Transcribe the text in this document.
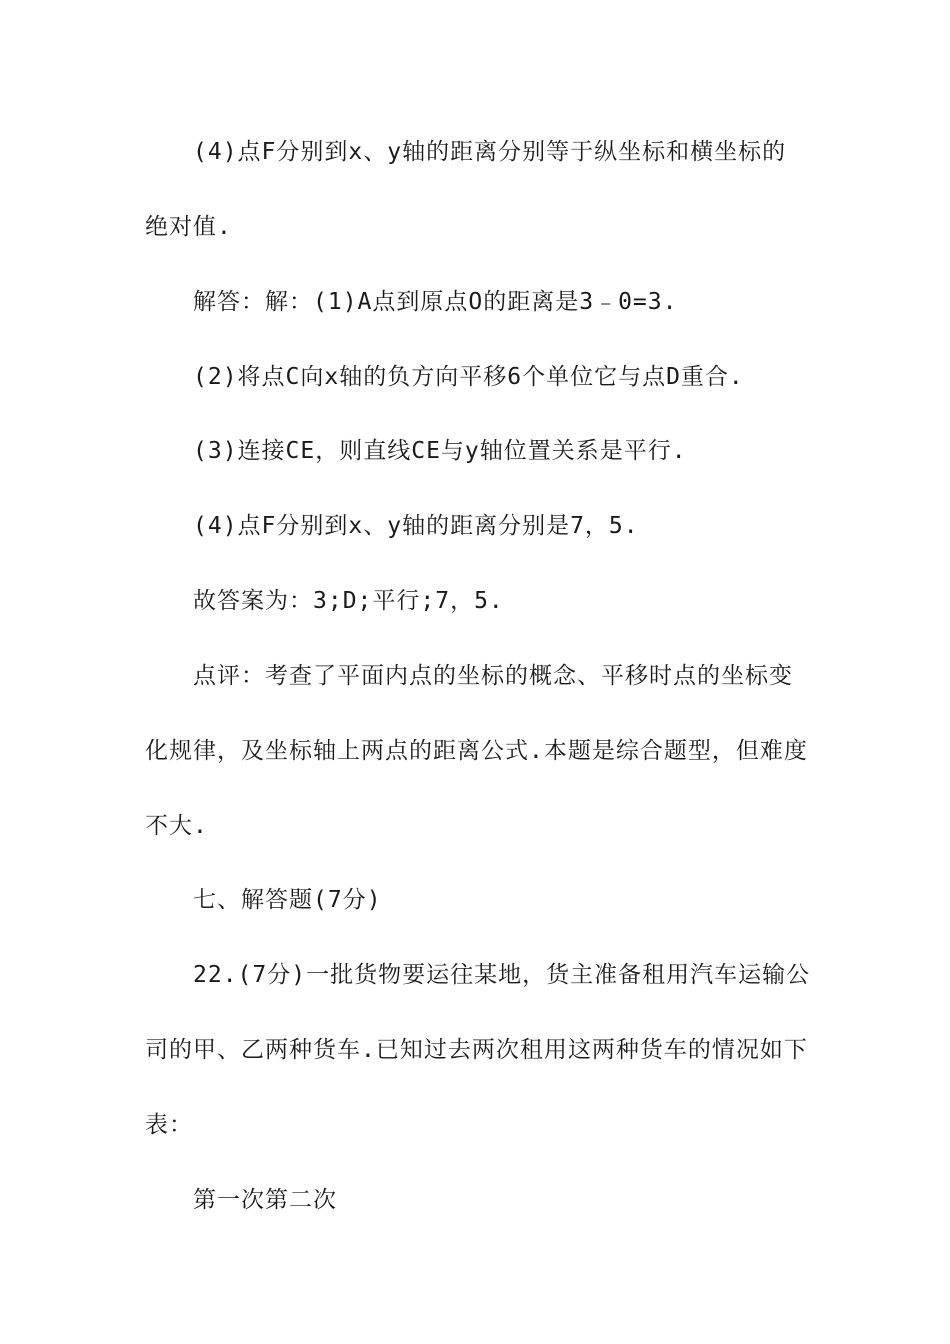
(4)点F分别到x、y轴的距离分别等于纵坐标和横坐标的
绝对值.
解答：解：(1)A点到原点O的距离是3﹣0=3.
(2)将点C向x轴的负方向平移6个单位它与点D重合.
(3)连接CE，则直线CE与y轴位置关系是平行.
(4)点F分别到x、y轴的距离分别是7，5.
故答案为：3;D;平行;7，5.
点评：考查了平面内点的坐标的概念、平移时点的坐标变
化规律，及坐标轴上两点的距离公式.本题是综合题型，但难度
不大.
七、解答题(7分)
22.(7分)一批货物要运往某地，货主准备租用汽车运输公
司的甲、乙两种货车.已知过去两次租用这两种货车的情况如下
表：
第一次第二次
